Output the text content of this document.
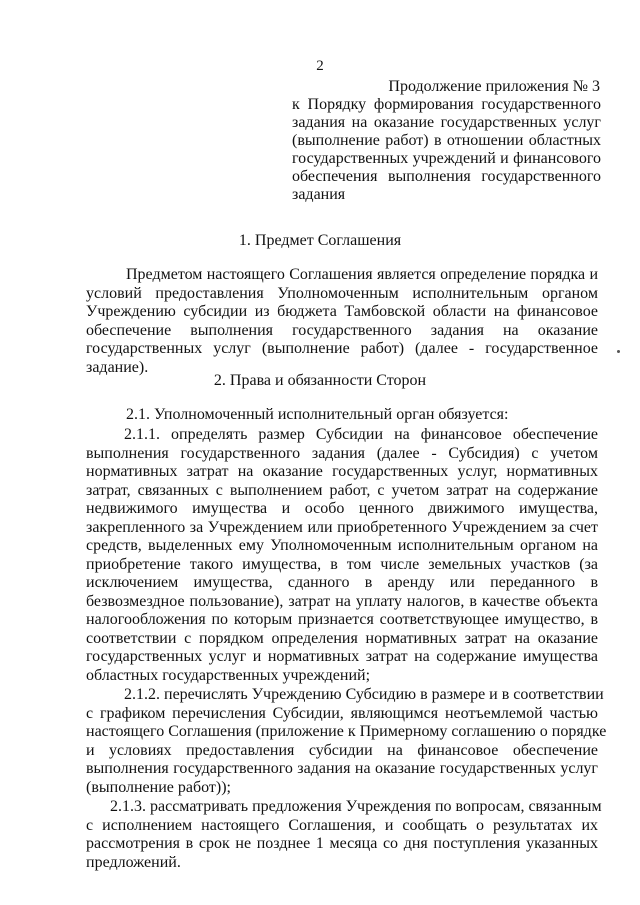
2
Продолжение приложения № 3
к Порядку формирования государственного
задания на оказание государственных услуг
(выполнение работ) в отношении областных
государственных учреждений и финансового
обеспечения выполнения государственного
задания
1. Предмет Соглашения
Предметом настоящего Соглашения является определение порядка и
условий предоставления Уполномоченным исполнительным органом
Учреждению субсидии из бюджета Тамбовской области на финансовое
обеспечение выполнения государственного задания на оказание
государственных услуг (выполнение работ) (далее - государственное
задание).
2. Права и обязанности Сторон
2.1. Уполномоченный исполнительный орган обязуется:
2.1.1. определять размер Субсидии на финансовое обеспечение
выполнения государственного задания (далее - Субсидия) с учетом
нормативных затрат на оказание государственных услуг, нормативных
затрат, связанных с выполнением работ, с учетом затрат на содержание
недвижимого имущества и особо ценного движимого имущества,
закрепленного за Учреждением или приобретенного Учреждением за счет
средств, выделенных ему Уполномоченным исполнительным органом на
приобретение такого имущества, в том числе земельных участков (за
исключением имущества, сданного в аренду или переданного в
безвозмездное пользование), затрат на уплату налогов, в качестве объекта
налогообложения по которым признается соответствующее имущество, в
соответствии с порядком определения нормативных затрат на оказание
государственных услуг и нормативных затрат на содержание имущества
областных государственных учреждений;
2.1.2. перечислять Учреждению Субсидию в размере и в соответствии
с графиком перечисления Субсидии, являющимся неотъемлемой частью
настоящего Соглашения (приложение к Примерному соглашению о порядке
и условиях предоставления субсидии на финансовое обеспечение
выполнения государственного задания на оказание государственных услуг
(выполнение работ));
2.1.3. рассматривать предложения Учреждения по вопросам, связанным
с исполнением настоящего Соглашения, и сообщать о результатах их
рассмотрения в срок не позднее 1 месяца со дня поступления указанных
предложений.
